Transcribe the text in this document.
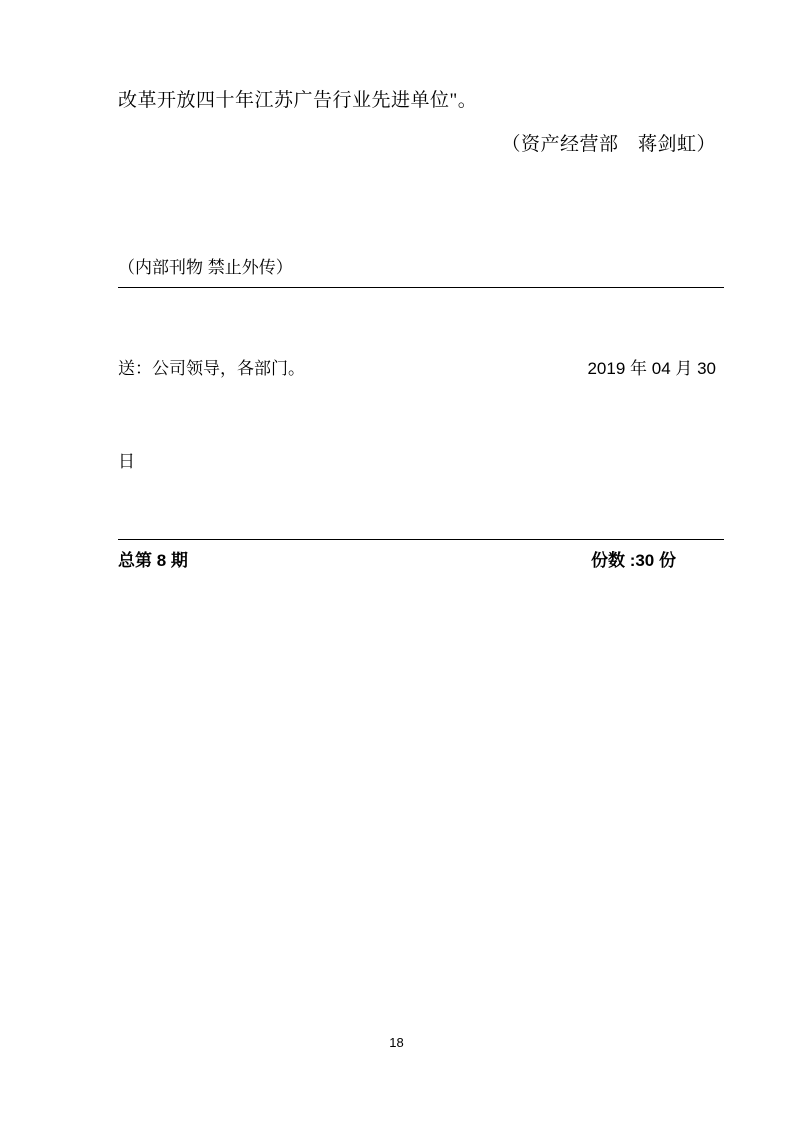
改革开放四十年江苏广告行业先进单位"。
（资产经营部　蒋剑虹）
（内部刊物 禁止外传）

送：公司领导，各部门。	2019 年 04 月 30

日

总第 8 期	份数 :30 份
18
